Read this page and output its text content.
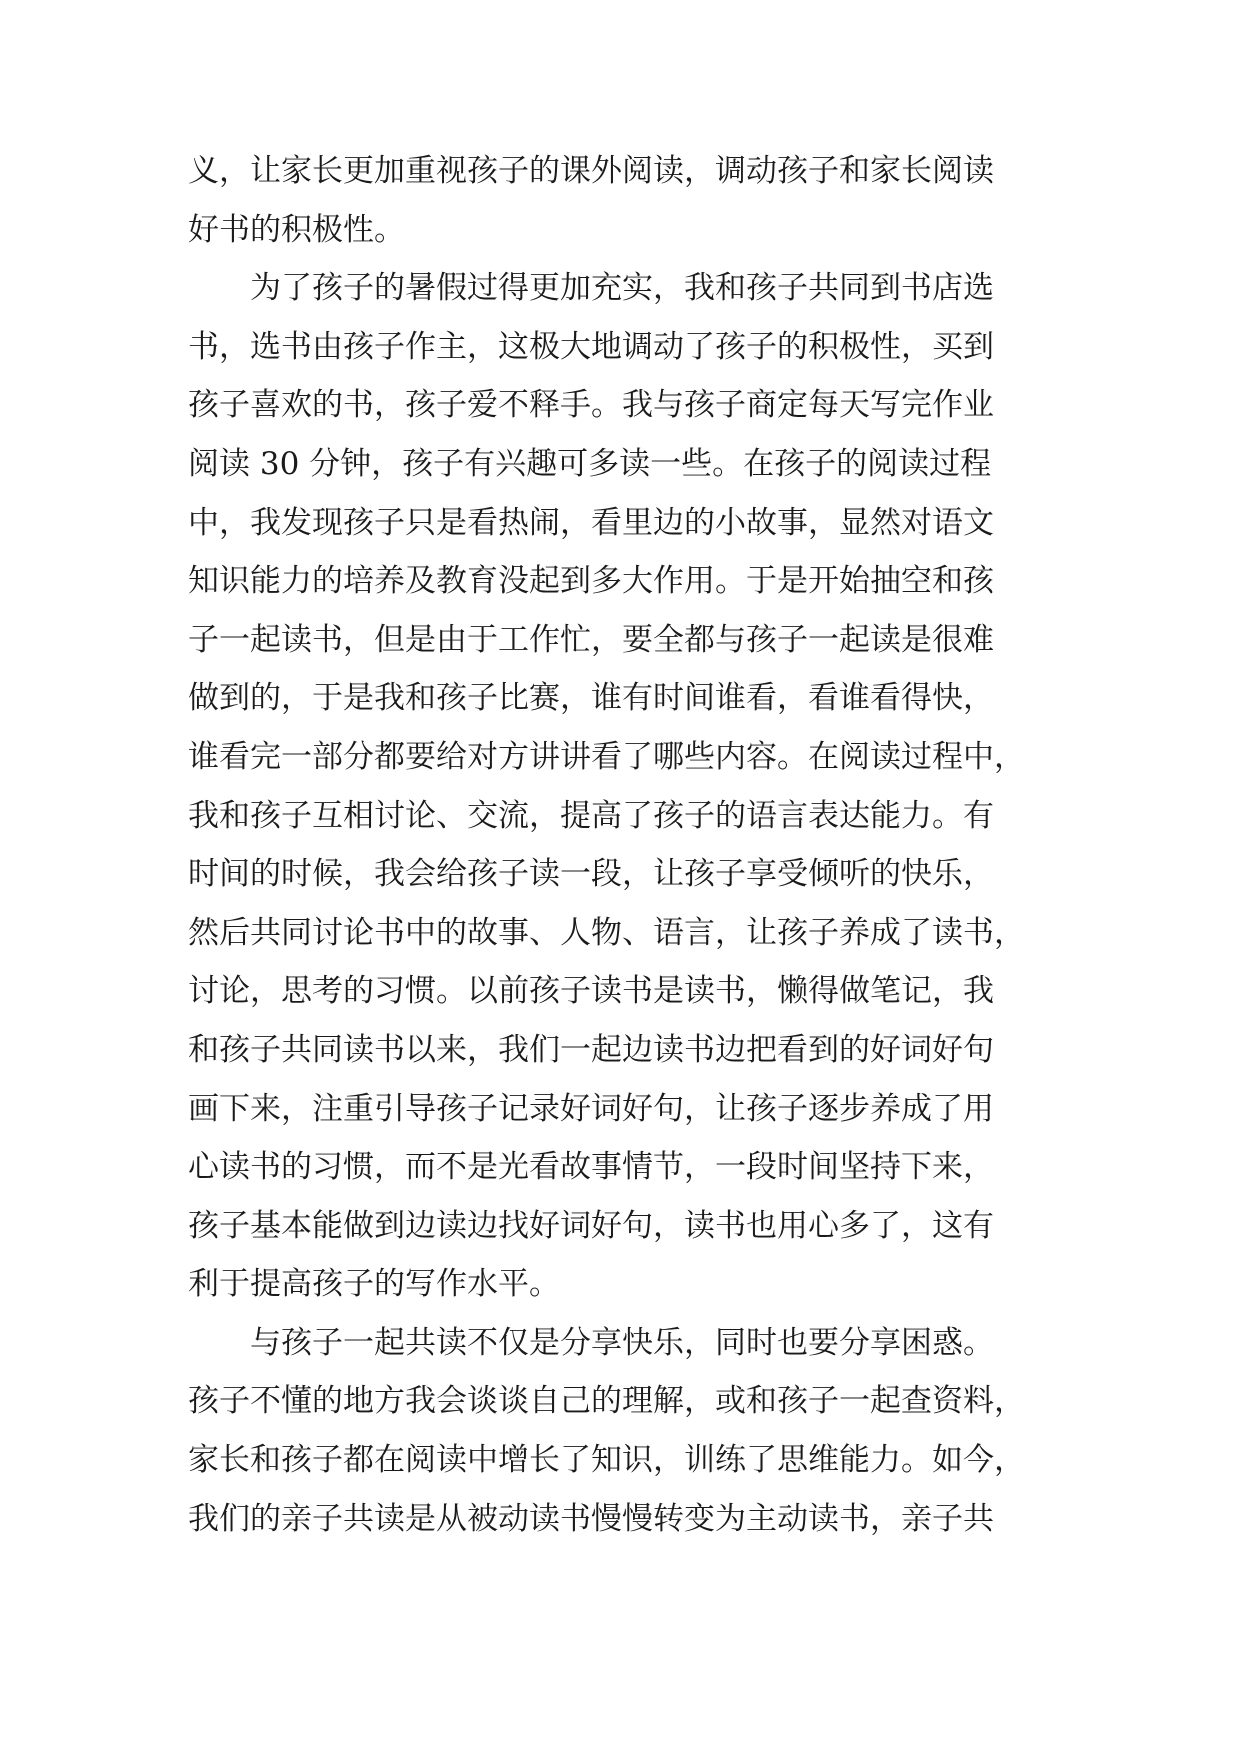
义，让家长更加重视孩子的课外阅读，调动孩子和家长阅读
好书的积极性。
为了孩子的暑假过得更加充实，我和孩子共同到书店选
书，选书由孩子作主，这极大地调动了孩子的积极性，买到
孩子喜欢的书，孩子爱不释手。我与孩子商定每天写完作业
阅读 30 分钟，孩子有兴趣可多读一些。在孩子的阅读过程
中，我发现孩子只是看热闹，看里边的小故事，显然对语文
知识能力的培养及教育没起到多大作用。于是开始抽空和孩
子一起读书，但是由于工作忙，要全都与孩子一起读是很难
做到的，于是我和孩子比赛，谁有时间谁看，看谁看得快，
谁看完一部分都要给对方讲讲看了哪些内容。在阅读过程中，
我和孩子互相讨论、交流，提高了孩子的语言表达能力。有
时间的时候，我会给孩子读一段，让孩子享受倾听的快乐，
然后共同讨论书中的故事、人物、语言，让孩子养成了读书，
讨论，思考的习惯。以前孩子读书是读书，懒得做笔记，我
和孩子共同读书以来，我们一起边读书边把看到的好词好句
画下来，注重引导孩子记录好词好句，让孩子逐步养成了用
心读书的习惯，而不是光看故事情节，一段时间坚持下来，
孩子基本能做到边读边找好词好句，读书也用心多了，这有
利于提高孩子的写作水平。
与孩子一起共读不仅是分享快乐，同时也要分享困惑。
孩子不懂的地方我会谈谈自己的理解，或和孩子一起查资料，
家长和孩子都在阅读中增长了知识，训练了思维能力。如今，
我们的亲子共读是从被动读书慢慢转变为主动读书，亲子共
